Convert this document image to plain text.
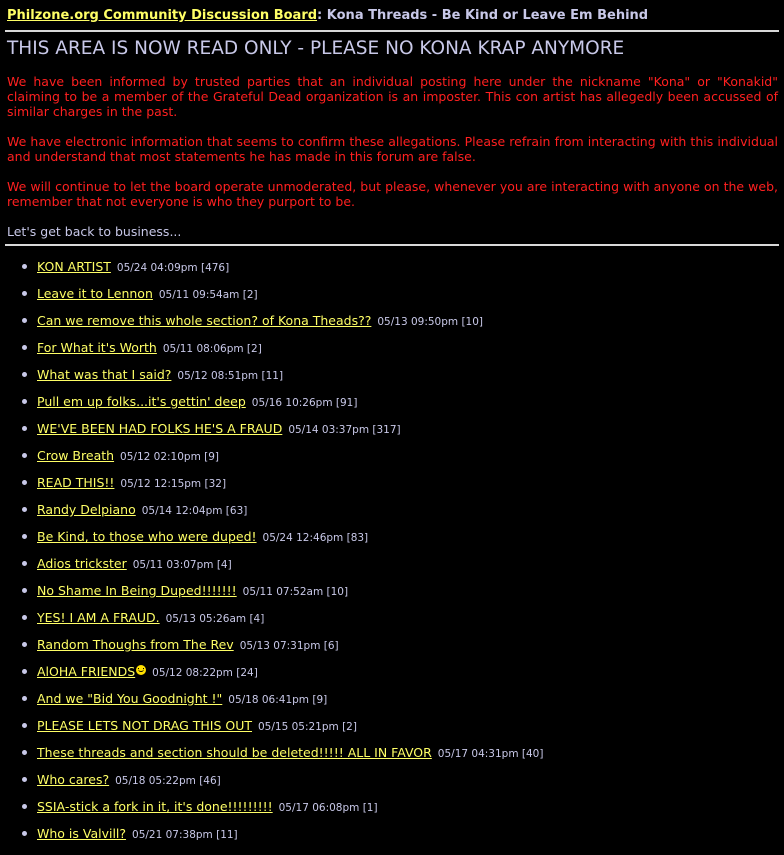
Philzone.org Community Discussion Board: Kona Threads - Be Kind or Leave Em Behind
THIS AREA IS NOW READ ONLY - PLEASE NO KONA KRAP ANYMORE
We have been informed by trusted parties that an individual posting here under the nickname "Kona" or "Konakid" claiming to be a member of the Grateful Dead organization is an imposter. This con artist has allegedly been accussed of similar charges in the past.
We have electronic information that seems to confirm these allegations. Please refrain from interacting with this individual and understand that most statements he has made in this forum are false.
We will continue to let the board operate unmoderated, but please, whenever you are interacting with anyone on the web, remember that not everyone is who they purport to be.
Let's get back to business...
KON ARTIST 05/24 04:09pm [476]
Leave it to Lennon 05/11 09:54am [2]
Can we remove this whole section? of Kona Theads?? 05/13 09:50pm [10]
For What it's Worth 05/11 08:06pm [2]
What was that I said? 05/12 08:51pm [11]
Pull em up folks...it's gettin' deep 05/16 10:26pm [91]
WE'VE BEEN HAD FOLKS HE'S A FRAUD 05/14 03:37pm [317]
Crow Breath 05/12 02:10pm [9]
READ THIS!! 05/12 12:15pm [32]
Randy Delpiano 05/14 12:04pm [63]
Be Kind, to those who were duped! 05/24 12:46pm [83]
Adios trickster 05/11 03:07pm [4]
No Shame In Being Duped!!!!!!! 05/11 07:52am [10]
YES! I AM A FRAUD. 05/13 05:26am [4]
Random Thoughs from The Rev 05/13 07:31pm [6]
AlOHA FRIENDS 05/12 08:22pm [24]
And we "Bid You Goodnight !" 05/18 06:41pm [9]
PLEASE LETS NOT DRAG THIS OUT 05/15 05:21pm [2]
These threads and section should be deleted!!!!! ALL IN FAVOR 05/17 04:31pm [40]
Who cares? 05/18 05:22pm [46]
SSIA-stick a fork in it, it's done!!!!!!!!! 05/17 06:08pm [1]
Who is Valvill? 05/21 07:38pm [11]
